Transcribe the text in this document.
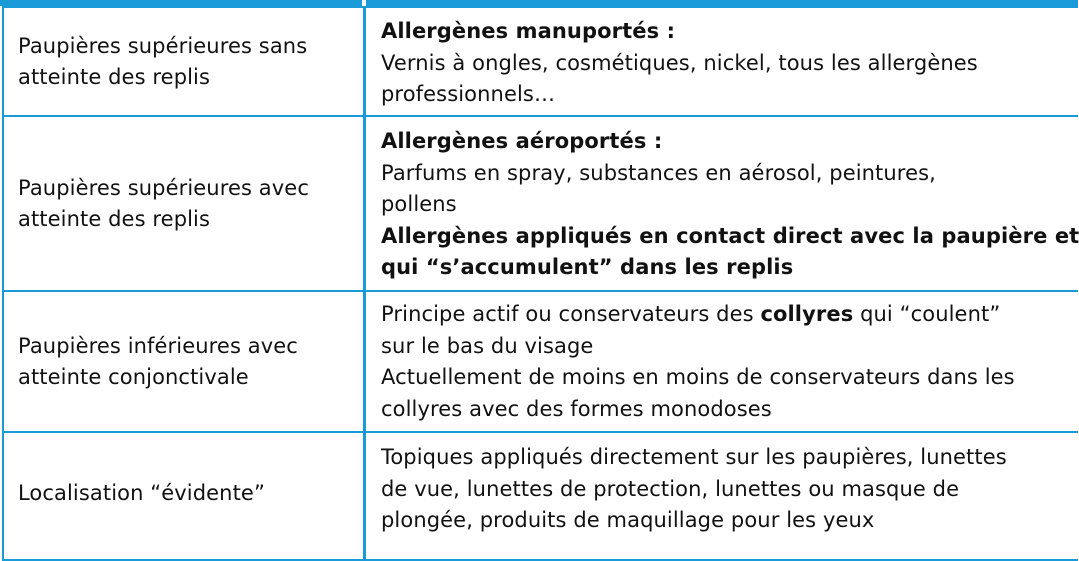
Paupières supérieures sans
atteinte des replis
Allergènes manuportés :
Vernis à ongles, cosmétiques, nickel, tous les allergènes
professionnels…
Paupières supérieures avec
atteinte des replis
Allergènes aéroportés :
Parfums en spray, substances en aérosol, peintures,
pollens
Allergènes appliqués en contact direct avec la paupière et
qui “s’accumulent” dans les replis
Paupières inférieures avec
atteinte conjonctivale
Principe actif ou conservateurs des collyres qui “coulent”
sur le bas du visage
Actuellement de moins en moins de conservateurs dans les
collyres avec des formes monodoses
Localisation “évidente”
Topiques appliqués directement sur les paupières, lunettes
de vue, lunettes de protection, lunettes ou masque de
plongée, produits de maquillage pour les yeux
